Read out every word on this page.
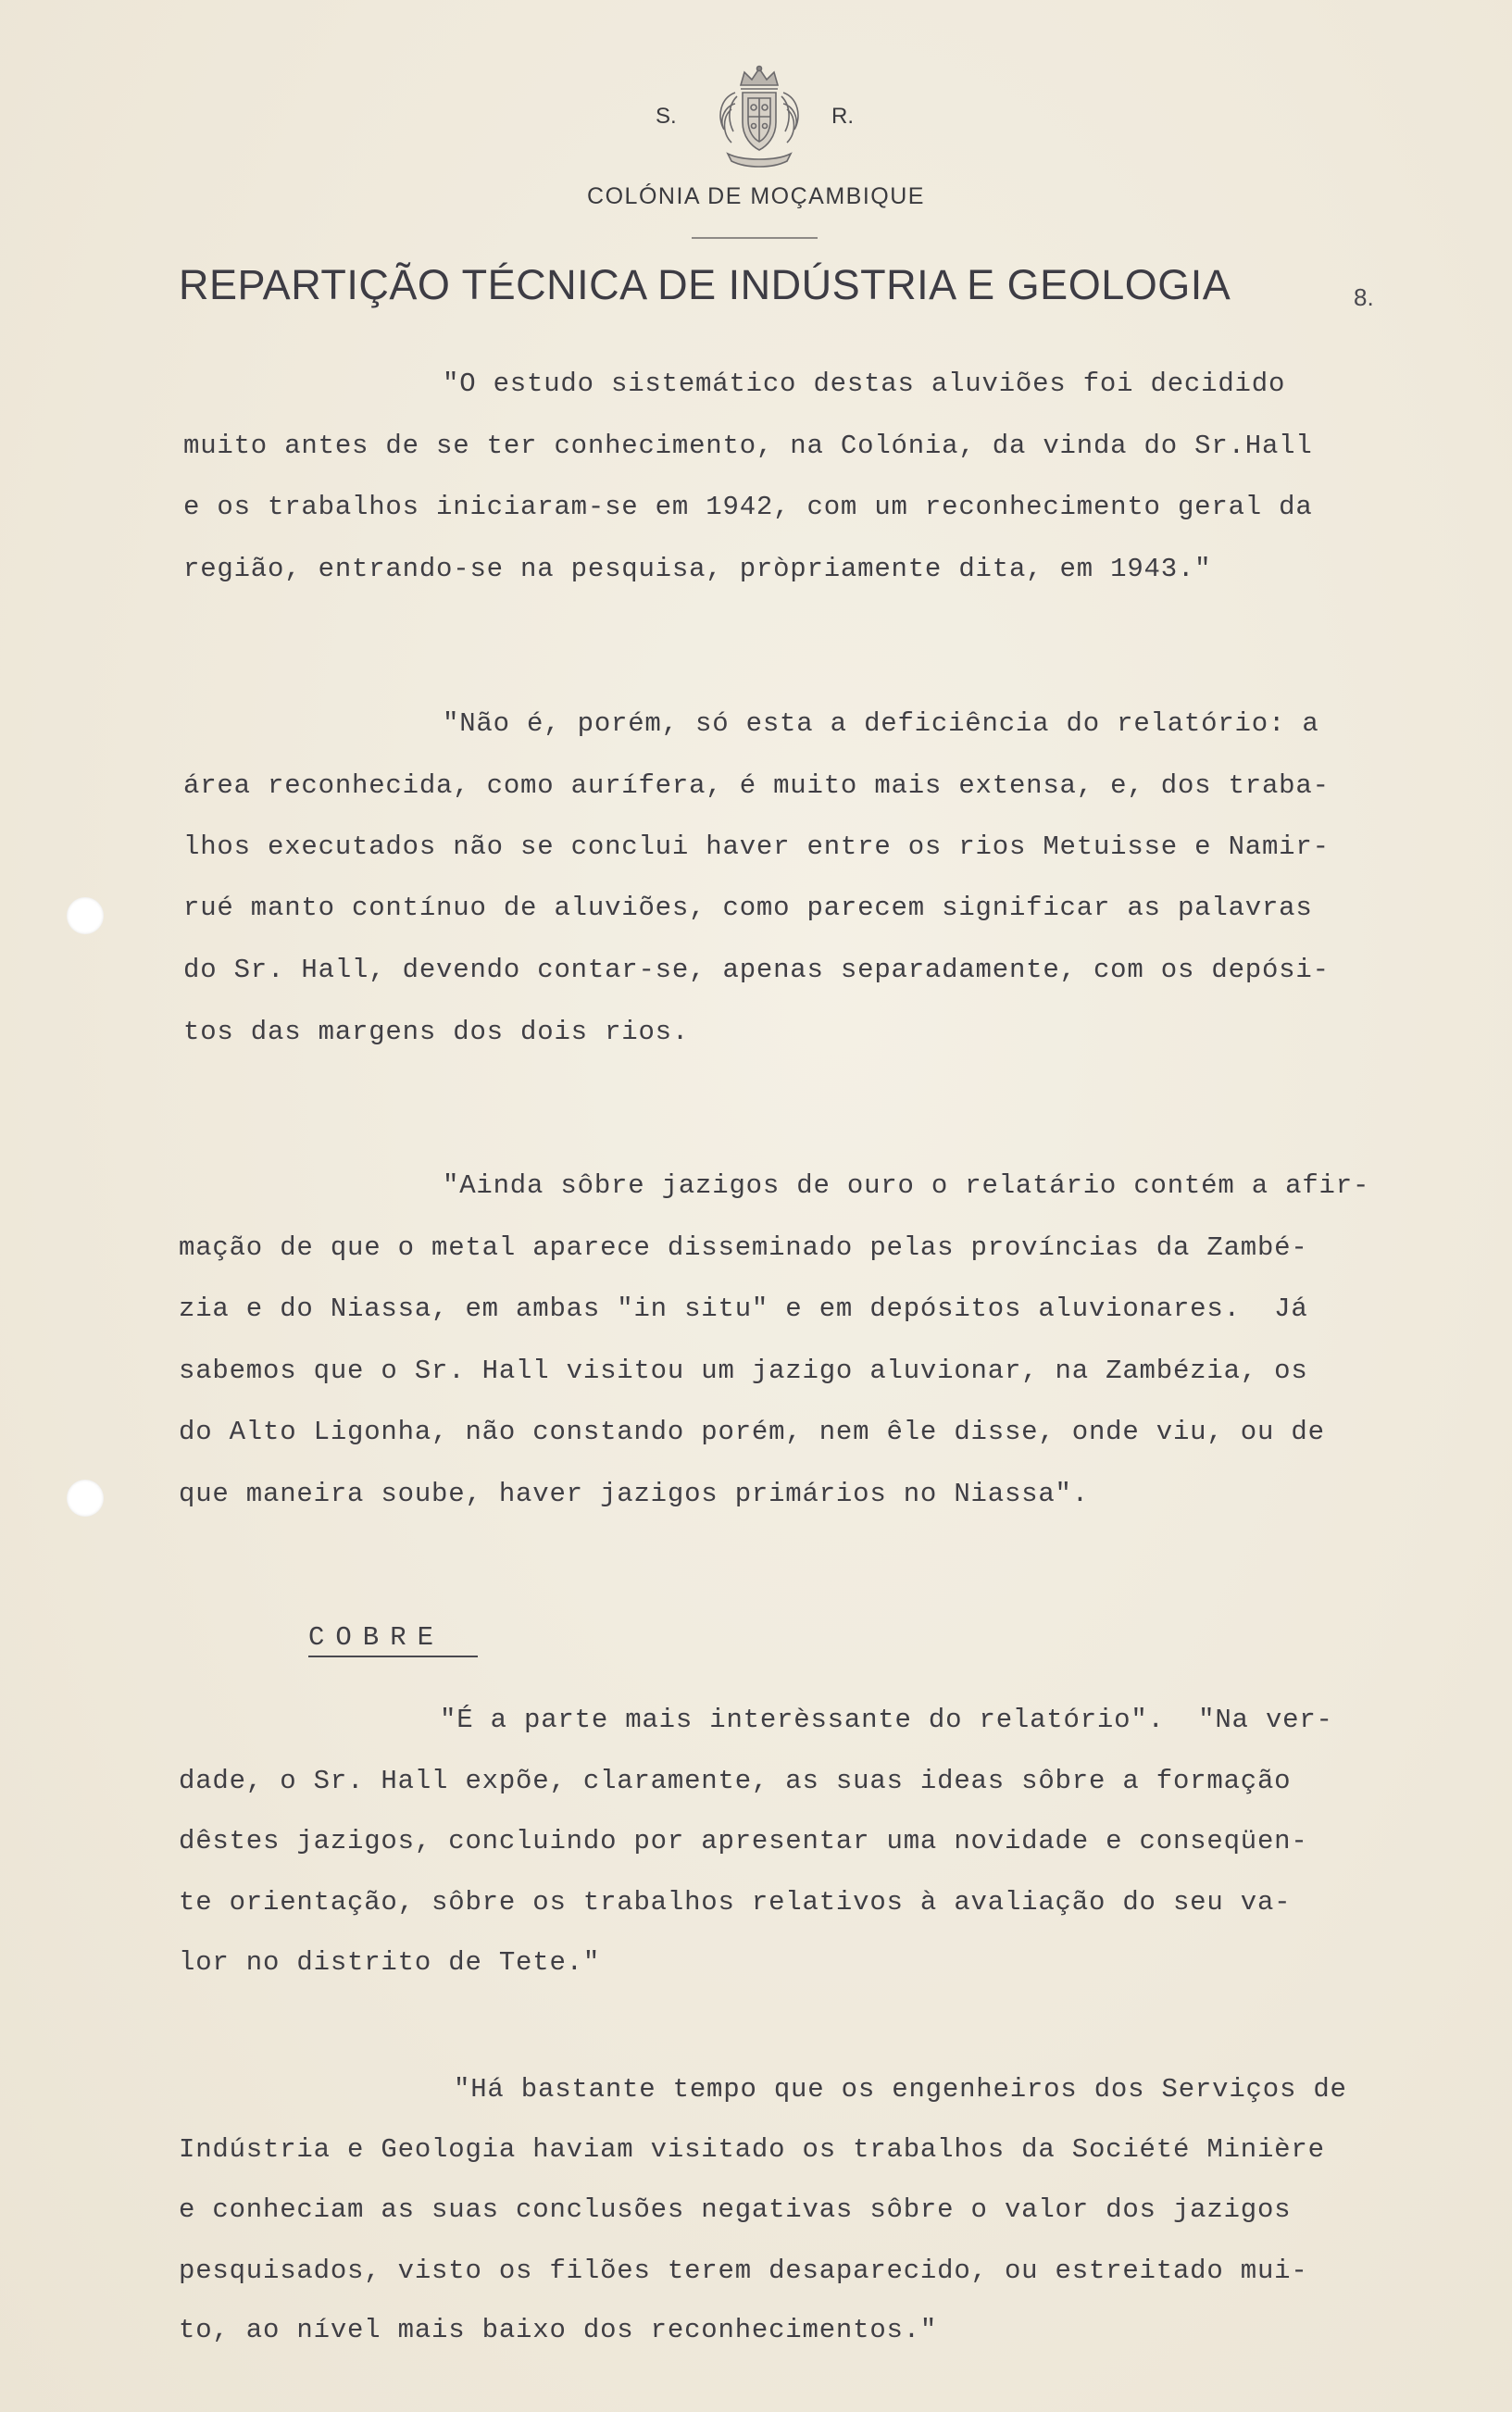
S.	R.
COLÓNIA DE MOÇAMBIQUE
REPARTIÇÃO TÉCNICA DE INDÚSTRIA E GEOLOGIA	8.
"O estudo sistemático destas aluviões foi decidido
muito antes de se ter conhecimento, na Colónia, da vinda do Sr.Hall
e os trabalhos iniciaram-se em 1942, com um reconhecimento geral da
região, entrando-se na pesquisa, pròpriamente dita, em 1943."
"Não é, porém, só esta a deficiência do relatório: a
área reconhecida, como aurífera, é muito mais extensa, e, dos traba-
lhos executados não se conclui haver entre os rios Metuisse e Namir-
rué manto contínuo de aluviões, como parecem significar as palavras
do Sr. Hall, devendo contar-se, apenas separadamente, com os depósi-
tos das margens dos dois rios.
"Ainda sôbre jazigos de ouro o relatário contém a afir-
mação de que o metal aparece disseminado pelas províncias da Zambé-
zia e do Niassa, em ambas "in situ" e em depósitos aluvionares.  Já
sabemos que o Sr. Hall visitou um jazigo aluvionar, na Zambézia, os
do Alto Ligonha, não constando porém, nem êle disse, onde viu, ou de
que maneira soube, haver jazigos primários no Niassa".
COBRE
"É a parte mais interèssante do relatório".  "Na ver-
dade, o Sr. Hall expõe, claramente, as suas ideas sôbre a formação
dêstes jazigos, concluindo por apresentar uma novidade e conseqüen-
te orientação, sôbre os trabalhos relativos à avaliação do seu va-
lor no distrito de Tete."
"Há bastante tempo que os engenheiros dos Serviços de
Indústria e Geologia haviam visitado os trabalhos da Société Minière
e conheciam as suas conclusões negativas sôbre o valor dos jazigos
pesquisados, visto os filões terem desaparecido, ou estreitado mui-
to, ao nível mais baixo dos reconhecimentos."
